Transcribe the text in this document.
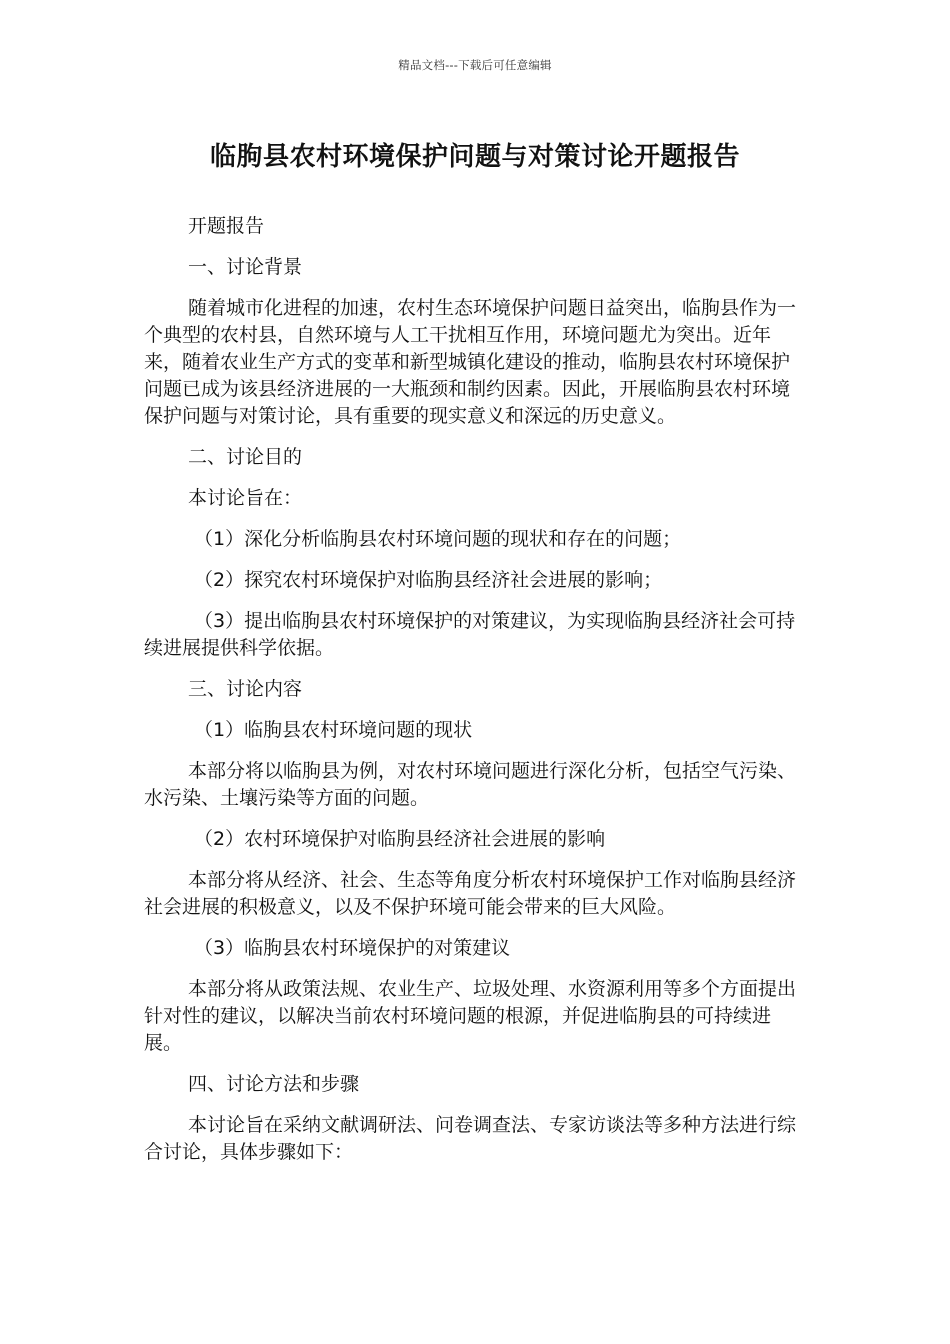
精品文档---下载后可任意编辑
临朐县农村环境保护问题与对策讨论开题报告

开题报告

一、讨论背景

随着城市化进程的加速，农村生态环境保护问题日益突出，临朐县作为一个典型的农村县，自然环境与人工干扰相互作用，环境问题尤为突出。近年来，随着农业生产方式的变革和新型城镇化建设的推动，临朐县农村环境保护问题已成为该县经济进展的一大瓶颈和制约因素。因此，开展临朐县农村环境保护问题与对策讨论，具有重要的现实意义和深远的历史意义。

二、讨论目的

本讨论旨在：

（1）深化分析临朐县农村环境问题的现状和存在的问题；

（2）探究农村环境保护对临朐县经济社会进展的影响；

（3）提出临朐县农村环境保护的对策建议，为实现临朐县经济社会可持续进展提供科学依据。

三、讨论内容

（1）临朐县农村环境问题的现状

本部分将以临朐县为例，对农村环境问题进行深化分析，包括空气污染、水污染、土壤污染等方面的问题。

（2）农村环境保护对临朐县经济社会进展的影响

本部分将从经济、社会、生态等角度分析农村环境保护工作对临朐县经济社会进展的积极意义，以及不保护环境可能会带来的巨大风险。

（3）临朐县农村环境保护的对策建议

本部分将从政策法规、农业生产、垃圾处理、水资源利用等多个方面提出针对性的建议，以解决当前农村环境问题的根源，并促进临朐县的可持续进展。

四、讨论方法和步骤

本讨论旨在采纳文献调研法、问卷调查法、专家访谈法等多种方法进行综合讨论，具体步骤如下：
